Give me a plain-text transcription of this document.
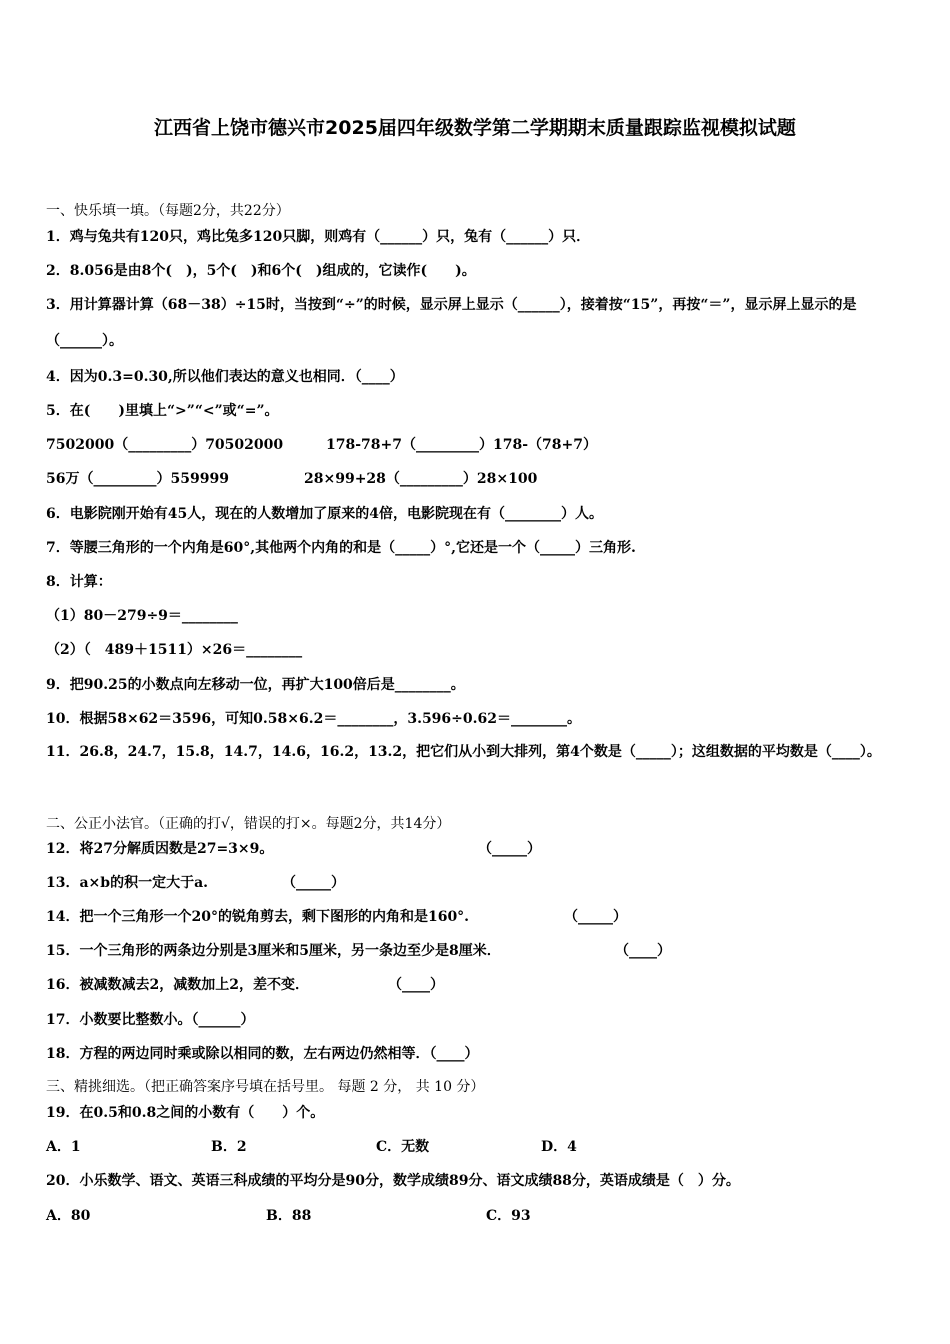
江西省上饶市德兴市2025届四年级数学第二学期期末质量跟踪监视模拟试题
一、快乐填一填。（每题2分，共22分）
1．鸡与兔共有120只，鸡比兔多120只脚，则鸡有（______）只，兔有（______）只．
2．8.056是由8个(　)，5个(　)和6个(　)组成的，它读作(　　)。
3．用计算器计算（68－38）÷15时，当按到“÷”的时候，显示屏上显示（______），接着按“15”，再按“＝”，显示屏上显示的是（______）。
4．因为0.3=0.30,所以他们表达的意义也相同．（____）
5．在(　　)里填上“>”“<”或“=”。
7502000（_________）70502000	178-78+7（_________）178-（78+7）
56万（_________）559999	28×99+28（_________）28×100
6．电影院刚开始有45人，现在的人数增加了原来的4倍，电影院现在有（________）人。
7．等腰三角形的一个内角是60°,其他两个内角的和是（_____）°,它还是一个（_____）三角形.
8．计算：
（1）80－279÷9＝________
（2）（　489＋1511）×26＝________
9．把90.25的小数点向左移动一位，再扩大100倍后是________。
10．根据58×62＝3596，可知0.58×6.2＝________，3.596÷0.62＝________。
11．26.8，24.7，15.8，14.7，14.6，16.2，13.2，把它们从小到大排列，第4个数是（_____）；这组数据的平均数是（____）。
二、公正小法官。（正确的打√，错误的打×。每题2分，共14分）
12．将27分解质因数是27=3×9。	（_____）
13．a×b的积一定大于a.	（_____）
14．把一个三角形一个20°的锐角剪去，剩下图形的内角和是160°.	（_____）
15．一个三角形的两条边分别是3厘米和5厘米，另一条边至少是8厘米．	（____）
16．被减数减去2，减数加上2，差不变．	（____）
17．小数要比整数小。（______）
18．方程的两边同时乘或除以相同的数，左右两边仍然相等．（____）
三、精挑细选。（把正确答案序号填在括号里。 每题 2 分， 共 10 分）
19．在0.5和0.8之间的小数有（　　）个。
A．1	B．2	C．无数	D．4
20．小乐数学、语文、英语三科成绩的平均分是90分，数学成绩89分、语文成绩88分，英语成绩是（　）分。
A．80	B．88	C．93
